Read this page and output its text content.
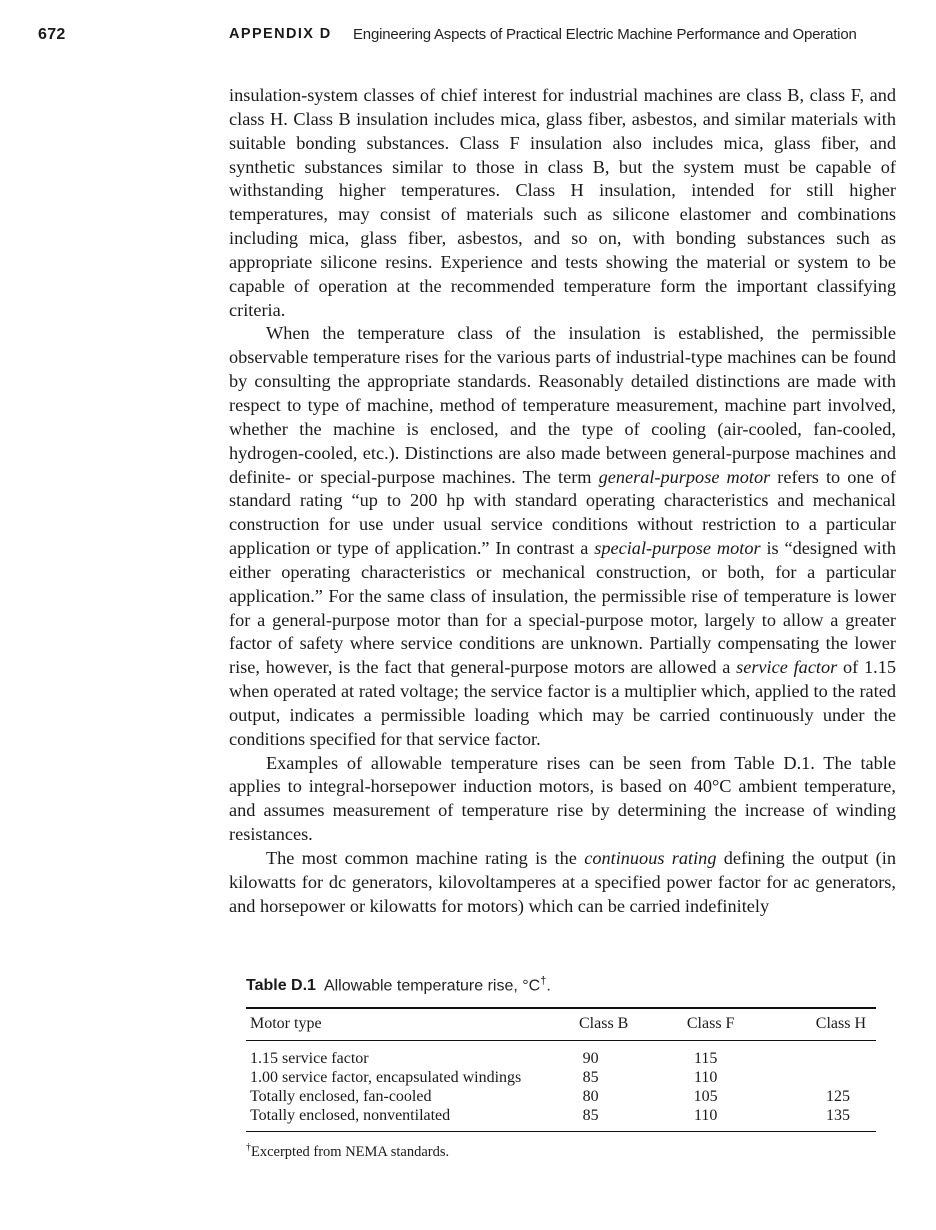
672	APPENDIX D Engineering Aspects of Practical Electric Machine Performance and Operation

insulation-system classes of chief interest for industrial machines are class B, class F, and class H. Class B insulation includes mica, glass fiber, asbestos, and similar materials with suitable bonding substances. Class F insulation also includes mica, glass fiber, and synthetic substances similar to those in class B, but the system must be capable of withstanding higher temperatures. Class H insulation, intended for still higher temperatures, may consist of materials such as silicone elastomer and combinations including mica, glass fiber, asbestos, and so on, with bonding substances such as appropriate silicone resins. Experience and tests showing the material or system to be capable of operation at the recommended temperature form the important classifying criteria.

When the temperature class of the insulation is established, the permissible observable temperature rises for the various parts of industrial-type machines can be found by consulting the appropriate standards. Reasonably detailed distinctions are made with respect to type of machine, method of temperature measurement, machine part involved, whether the machine is enclosed, and the type of cooling (air-cooled, fan-cooled, hydrogen-cooled, etc.). Distinctions are also made between general-purpose machines and definite- or special-purpose machines. The term general-purpose motor refers to one of standard rating “up to 200 hp with standard operating characteristics and mechanical construction for use under usual service conditions without restriction to a particular application or type of application.” In contrast a special-purpose motor is “designed with either operating characteristics or mechanical construction, or both, for a particular application.” For the same class of insulation, the permissible rise of temperature is lower for a general-purpose motor than for a special-purpose motor, largely to allow a greater factor of safety where service conditions are unknown. Partially compensating the lower rise, however, is the fact that general-purpose motors are allowed a service factor of 1.15 when operated at rated voltage; the service factor is a multiplier which, applied to the rated output, indicates a permissible loading which may be carried continuously under the conditions specified for that service factor.

Examples of allowable temperature rises can be seen from Table D.1. The table applies to integral-horsepower induction motors, is based on 40°C ambient temperature, and assumes measurement of temperature rise by determining the increase of winding resistances.

The most common machine rating is the continuous rating defining the output (in kilowatts for dc generators, kilovoltamperes at a specified power factor for ac generators, and horsepower or kilowatts for motors) which can be carried indefinitely

Table D.1 Allowable temperature rise, °C†.

Motor type	Class B	Class F	Class H
1.15 service factor	90	115	
1.00 service factor, encapsulated windings	85	110	
Totally enclosed, fan-cooled	80	105	125
Totally enclosed, nonventilated	85	110	135
†Excerpted from NEMA standards.
